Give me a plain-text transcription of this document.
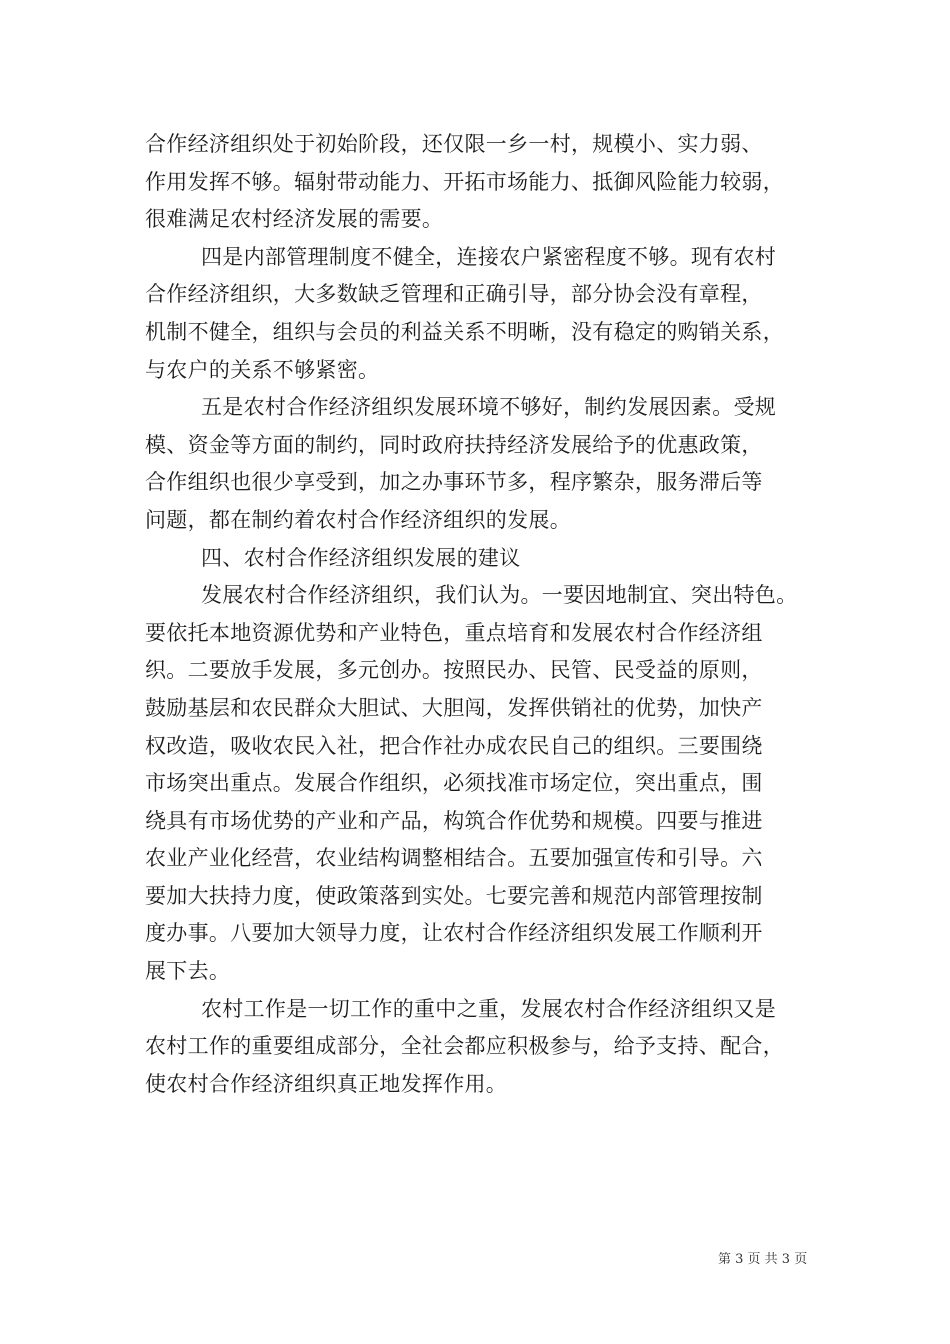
合作经济组织处于初始阶段，还仅限一乡一村，规模小、实力弱、
作用发挥不够。辐射带动能力、开拓市场能力、抵御风险能力较弱，
很难满足农村经济发展的需要。
四是内部管理制度不健全，连接农户紧密程度不够。现有农村
合作经济组织，大多数缺乏管理和正确引导，部分协会没有章程，
机制不健全，组织与会员的利益关系不明晰，没有稳定的购销关系，
与农户的关系不够紧密。
五是农村合作经济组织发展环境不够好，制约发展因素。受规
模、资金等方面的制约，同时政府扶持经济发展给予的优惠政策，
合作组织也很少享受到，加之办事环节多，程序繁杂，服务滞后等
问题，都在制约着农村合作经济组织的发展。
四、农村合作经济组织发展的建议
发展农村合作经济组织，我们认为。一要因地制宜、突出特色。
要依托本地资源优势和产业特色，重点培育和发展农村合作经济组
织。二要放手发展，多元创办。按照民办、民管、民受益的原则，
鼓励基层和农民群众大胆试、大胆闯，发挥供销社的优势，加快产
权改造，吸收农民入社，把合作社办成农民自己的组织。三要围绕
市场突出重点。发展合作组织，必须找准市场定位，突出重点，围
绕具有市场优势的产业和产品，构筑合作优势和规模。四要与推进
农业产业化经营，农业结构调整相结合。五要加强宣传和引导。六
要加大扶持力度，使政策落到实处。七要完善和规范内部管理按制
度办事。八要加大领导力度，让农村合作经济组织发展工作顺利开
展下去。
农村工作是一切工作的重中之重，发展农村合作经济组织又是
农村工作的重要组成部分，全社会都应积极参与，给予支持、配合，
使农村合作经济组织真正地发挥作用。
第 3 页 共 3 页
